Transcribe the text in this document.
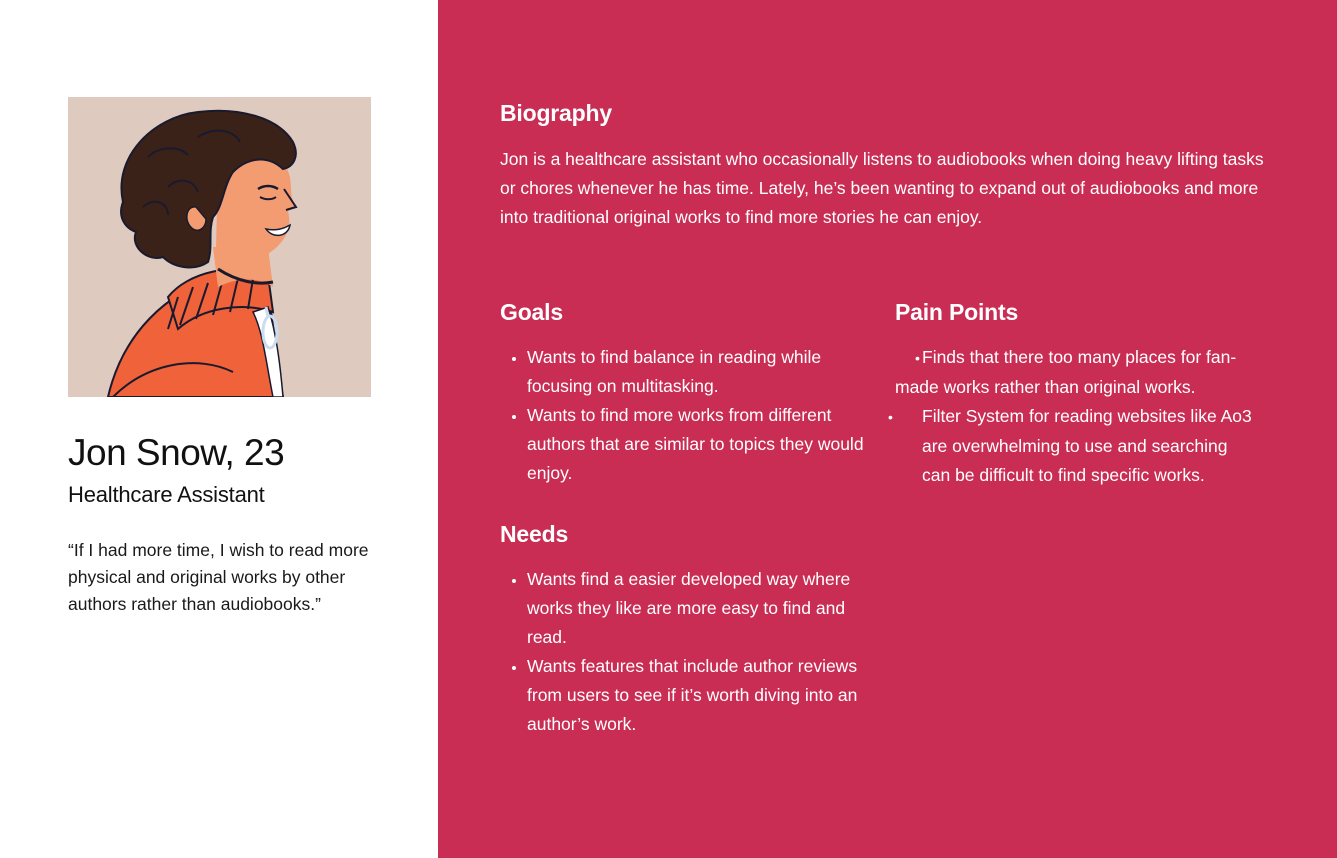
Jon Snow, 23

Healthcare Assistant

“If I had more time, I wish to read more physical and original works by other authors rather than audiobooks.”

Biography

Jon is a healthcare assistant who occasionally listens to audiobooks when doing heavy lifting tasks or chores whenever he has time. Lately, he’s been wanting to expand out of audiobooks and more into traditional original works to find more stories he can enjoy.

Goals
• Wants to find balance in reading while focusing on multitasking.
• Wants to find more works from different authors that are similar to topics they would enjoy.
Needs
• Wants find a easier developed way where works they like are more easy to find and read.
• Wants features that include author reviews from users to see if it’s worth diving into an author’s work.
Pain Points

• Finds that there too many places for fan-made works rather than original works.

• Filter System for reading websites like Ao3 are overwhelming to use and searching can be difficult to find specific works.
